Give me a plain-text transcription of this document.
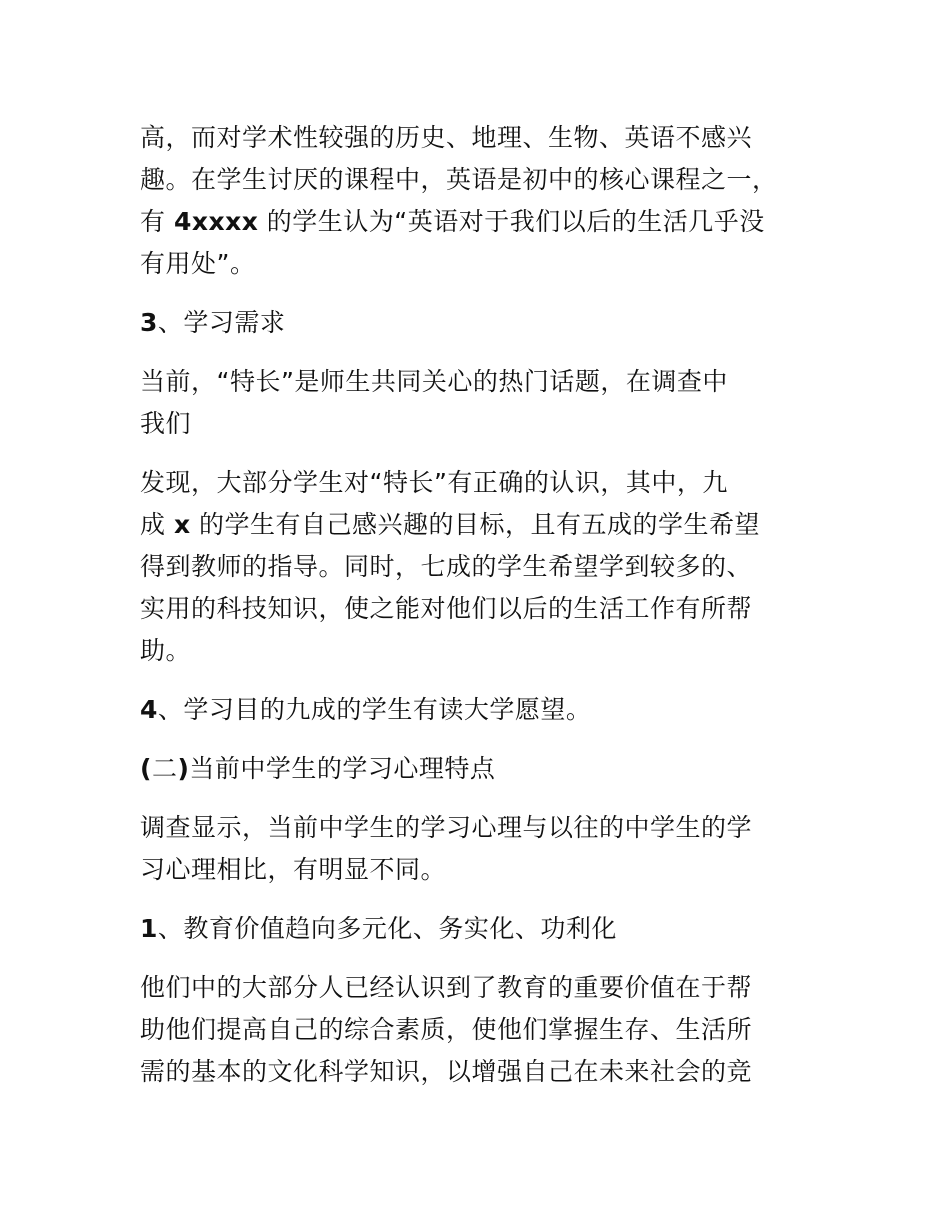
高，而对学术性较强的历史、地理、生物、英语不感兴
趣。在学生讨厌的课程中，英语是初中的核心课程之一，
有 4xxxx 的学生认为“英语对于我们以后的生活几乎没
有用处”。
3、学习需求
当前，“特长”是师生共同关心的热门话题，在调查中
我们
发现，大部分学生对“特长”有正确的认识，其中，九
成 x 的学生有自己感兴趣的目标，且有五成的学生希望
得到教师的指导。同时，七成的学生希望学到较多的、
实用的科技知识，使之能对他们以后的生活工作有所帮
助。
4、学习目的九成的学生有读大学愿望。
(二)当前中学生的学习心理特点
调查显示，当前中学生的学习心理与以往的中学生的学
习心理相比，有明显不同。
1、教育价值趋向多元化、务实化、功利化
他们中的大部分人已经认识到了教育的重要价值在于帮
助他们提高自己的综合素质，使他们掌握生存、生活所
需的基本的文化科学知识，以增强自己在未来社会的竞
